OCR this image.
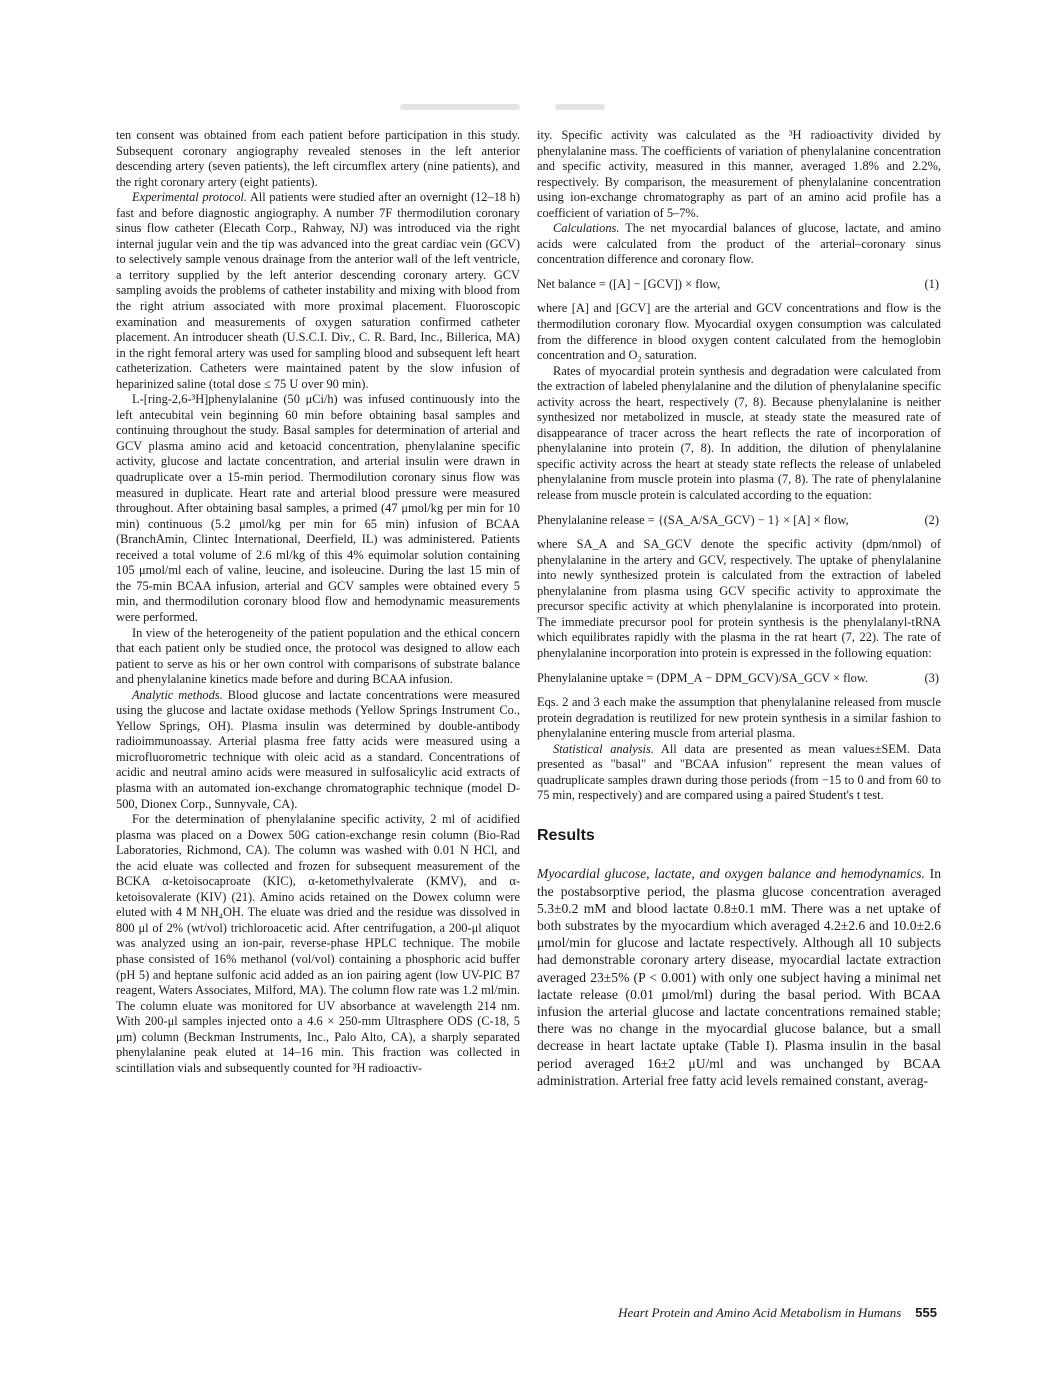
ten consent was obtained from each patient before participation in this study. Subsequent coronary angiography revealed stenoses in the left anterior descending artery (seven patients), the left circumflex artery (nine patients), and the right coronary artery (eight patients).

Experimental protocol. All patients were studied after an overnight (12–18 h) fast and before diagnostic angiography. A number 7F thermodilution coronary sinus flow catheter (Elecath Corp., Rahway, NJ) was introduced via the right internal jugular vein and the tip was advanced into the great cardiac vein (GCV) to selectively sample venous drainage from the anterior wall of the left ventricle, a territory supplied by the left anterior descending coronary artery. GCV sampling avoids the problems of catheter instability and mixing with blood from the right atrium associated with more proximal placement. Fluoroscopic examination and measurements of oxygen saturation confirmed catheter placement. An introducer sheath (U.S.C.I. Div., C. R. Bard, Inc., Billerica, MA) in the right femoral artery was used for sampling blood and subsequent left heart catheterization. Catheters were maintained patent by the slow infusion of heparinized saline (total dose ≤ 75 U over 90 min).

L-[ring-2,6-³H]phenylalanine (50 μCi/h) was infused continuously into the left antecubital vein beginning 60 min before obtaining basal samples and continuing throughout the study. Basal samples for determination of arterial and GCV plasma amino acid and ketoacid concentration, phenylalanine specific activity, glucose and lactate concentration, and arterial insulin were drawn in quadruplicate over a 15-min period. Thermodilution coronary sinus flow was measured in duplicate. Heart rate and arterial blood pressure were measured throughout. After obtaining basal samples, a primed (47 μmol/kg per min for 10 min) continuous (5.2 μmol/kg per min for 65 min) infusion of BCAA (BranchAmin, Clintec International, Deerfield, IL) was administered. Patients received a total volume of 2.6 ml/kg of this 4% equimolar solution containing 105 μmol/ml each of valine, leucine, and isoleucine. During the last 15 min of the 75-min BCAA infusion, arterial and GCV samples were obtained every 5 min, and thermodilution coronary blood flow and hemodynamic measurements were performed.

In view of the heterogeneity of the patient population and the ethical concern that each patient only be studied once, the protocol was designed to allow each patient to serve as his or her own control with comparisons of substrate balance and phenylalanine kinetics made before and during BCAA infusion.

Analytic methods. Blood glucose and lactate concentrations were measured using the glucose and lactate oxidase methods (Yellow Springs Instrument Co., Yellow Springs, OH). Plasma insulin was determined by double-antibody radioimmunoassay. Arterial plasma free fatty acids were measured using a microfluorometric technique with oleic acid as a standard. Concentrations of acidic and neutral amino acids were measured in sulfosalicylic acid extracts of plasma with an automated ion-exchange chromatographic technique (model D-500, Dionex Corp., Sunnyvale, CA).

For the determination of phenylalanine specific activity, 2 ml of acidified plasma was placed on a Dowex 50G cation-exchange resin column (Bio-Rad Laboratories, Richmond, CA). The column was washed with 0.01 N HCl, and the acid eluate was collected and frozen for subsequent measurement of the BCKA α-ketoisocaproate (KIC), α-ketomethylvalerate (KMV), and α-ketoisovalerate (KIV) (21). Amino acids retained on the Dowex column were eluted with 4 M NH₄OH. The eluate was dried and the residue was dissolved in 800 μl of 2% (wt/vol) trichloroacetic acid. After centrifugation, a 200-μl aliquot was analyzed using an ion-pair, reverse-phase HPLC technique. The mobile phase consisted of 16% methanol (vol/vol) containing a phosphoric acid buffer (pH 5) and heptane sulfonic acid added as an ion pairing agent (low UV-PIC B7 reagent, Waters Associates, Milford, MA). The column flow rate was 1.2 ml/min. The column eluate was monitored for UV absorbance at wavelength 214 nm. With 200-μl samples injected onto a 4.6 × 250-mm Ultrasphere ODS (C-18, 5 μm) column (Beckman Instruments, Inc., Palo Alto, CA), a sharply separated phenylalanine peak eluted at 14–16 min. This fraction was collected in scintillation vials and subsequently counted for ³H radioactiv-

ity. Specific activity was calculated as the ³H radioactivity divided by phenylalanine mass. The coefficients of variation of phenylalanine concentration and specific activity, measured in this manner, averaged 1.8% and 2.2%, respectively. By comparison, the measurement of phenylalanine concentration using ion-exchange chromatography as part of an amino acid profile has a coefficient of variation of 5–7%.

Calculations. The net myocardial balances of glucose, lactate, and amino acids were calculated from the product of the arterial–coronary sinus concentration difference and coronary flow.

Net balance = ([A] − [GCV]) × flow,	(1)

where [A] and [GCV] are the arterial and GCV concentrations and flow is the thermodilution coronary flow. Myocardial oxygen consumption was calculated from the difference in blood oxygen content calculated from the hemoglobin concentration and O₂ saturation.

Rates of myocardial protein synthesis and degradation were calculated from the extraction of labeled phenylalanine and the dilution of phenylalanine specific activity across the heart, respectively (7, 8). Because phenylalanine is neither synthesized nor metabolized in muscle, at steady state the measured rate of disappearance of tracer across the heart reflects the rate of incorporation of phenylalanine into protein (7, 8). In addition, the dilution of phenylalanine specific activity across the heart at steady state reflects the release of unlabeled phenylalanine from muscle protein into plasma (7, 8). The rate of phenylalanine release from muscle protein is calculated according to the equation:

Phenylalanine release = {(SA_A/SA_GCV) − 1} × [A] × flow,	(2)

where SA_A and SA_GCV denote the specific activity (dpm/nmol) of phenylalanine in the artery and GCV, respectively. The uptake of phenylalanine into newly synthesized protein is calculated from the extraction of labeled phenylalanine from plasma using GCV specific activity to approximate the precursor specific activity at which phenylalanine is incorporated into protein. The immediate precursor pool for protein synthesis is the phenylalanyl-tRNA which equilibrates rapidly with the plasma in the rat heart (7, 22). The rate of phenylalanine incorporation into protein is expressed in the following equation:

Phenylalanine uptake = (DPM_A − DPM_GCV)/SA_GCV × flow.	(3)

Eqs. 2 and 3 each make the assumption that phenylalanine released from muscle protein degradation is reutilized for new protein synthesis in a similar fashion to phenylalanine entering muscle from arterial plasma.

Statistical analysis. All data are presented as mean values±SEM. Data presented as "basal" and "BCAA infusion" represent the mean values of quadruplicate samples drawn during those periods (from −15 to 0 and from 60 to 75 min, respectively) and are compared using a paired Student's t test.

Results

Myocardial glucose, lactate, and oxygen balance and hemodynamics. In the postabsorptive period, the plasma glucose concentration averaged 5.3±0.2 mM and blood lactate 0.8±0.1 mM. There was a net uptake of both substrates by the myocardium which averaged 4.2±2.6 and 10.0±2.6 μmol/min for glucose and lactate respectively. Although all 10 subjects had demonstrable coronary artery disease, myocardial lactate extraction averaged 23±5% (P < 0.001) with only one subject having a minimal net lactate release (0.01 μmol/ml) during the basal period. With BCAA infusion the arterial glucose and lactate concentrations remained stable; there was no change in the myocardial glucose balance, but a small decrease in heart lactate uptake (Table I). Plasma insulin in the basal period averaged 16±2 μU/ml and was unchanged by BCAA administration. Arterial free fatty acid levels remained constant, averag-

Heart Protein and Amino Acid Metabolism in Humans 555
